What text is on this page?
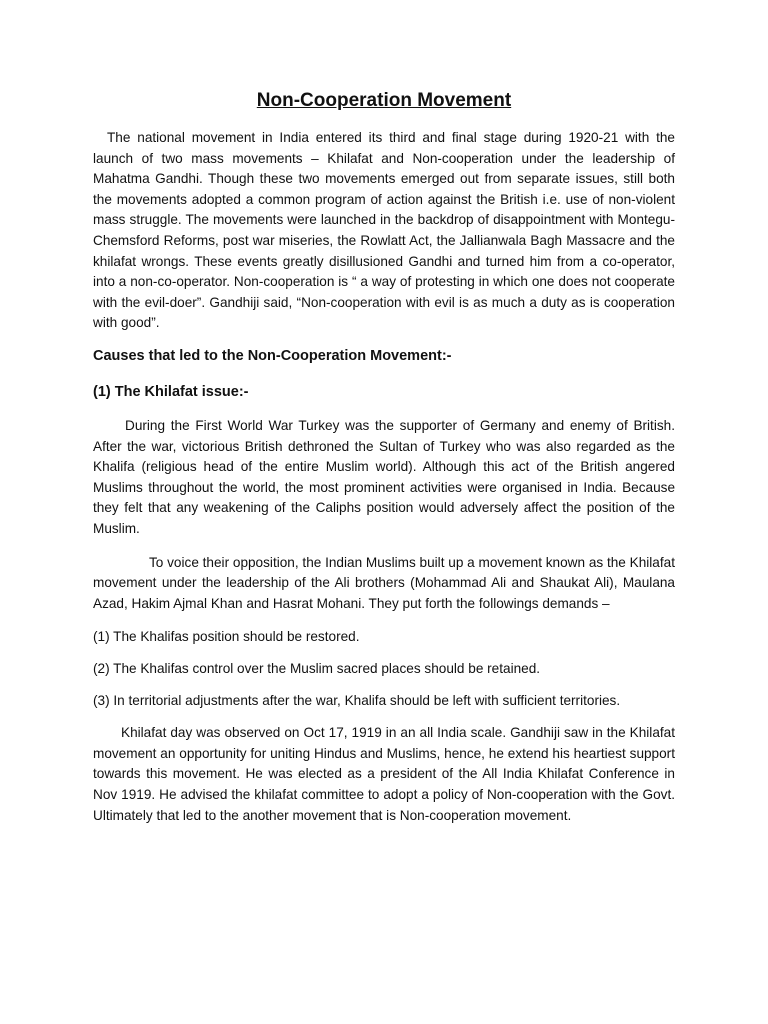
Non-Cooperation Movement

The national movement in India entered its third and final stage during 1920-21 with the launch of two mass movements – Khilafat and Non-cooperation under the leadership of Mahatma Gandhi. Though these two movements emerged out from separate issues, still both the movements adopted a common program of action against the British i.e. use of non-violent mass struggle. The movements were launched in the backdrop of disappointment with Montegu-Chemsford Reforms, post war miseries, the Rowlatt Act, the Jallianwala Bagh Massacre and the khilafat wrongs. These events greatly disillusioned Gandhi and turned him from a co-operator, into a non-co-operator. Non-cooperation is “ a way of protesting in which one does not cooperate with the evil-doer”. Gandhiji said, “Non-cooperation with evil is as much a duty as is cooperation with good”.

Causes that led to the Non-Cooperation Movement:-
(1) The Khilafat issue:-

During the First World War Turkey was the supporter of Germany and enemy of British. After the war, victorious British dethroned the Sultan of Turkey who was also regarded as the Khalifa (religious head of the entire Muslim world). Although this act of the British angered Muslims throughout the world, the most prominent activities were organised in India. Because they felt that any weakening of the Caliphs position would adversely affect the position of the Muslim.

To voice their opposition, the Indian Muslims built up a movement known as the Khilafat movement under the leadership of the Ali brothers (Mohammad Ali and Shaukat Ali), Maulana Azad, Hakim Ajmal Khan and Hasrat Mohani. They put forth the followings demands –

(1) The Khalifas position should be restored.

(2) The Khalifas control over the Muslim sacred places should be retained.

(3) In territorial adjustments after the war, Khalifa should be left with sufficient territories.

Khilafat day was observed on Oct 17, 1919 in an all India scale. Gandhiji saw in the Khilafat movement an opportunity for uniting Hindus and Muslims, hence, he extend his heartiest support towards this movement. He was elected as a president of the All India Khilafat Conference in Nov 1919. He advised the khilafat committee to adopt a policy of Non-cooperation with the Govt. Ultimately that led to the another movement that is Non-cooperation movement.
